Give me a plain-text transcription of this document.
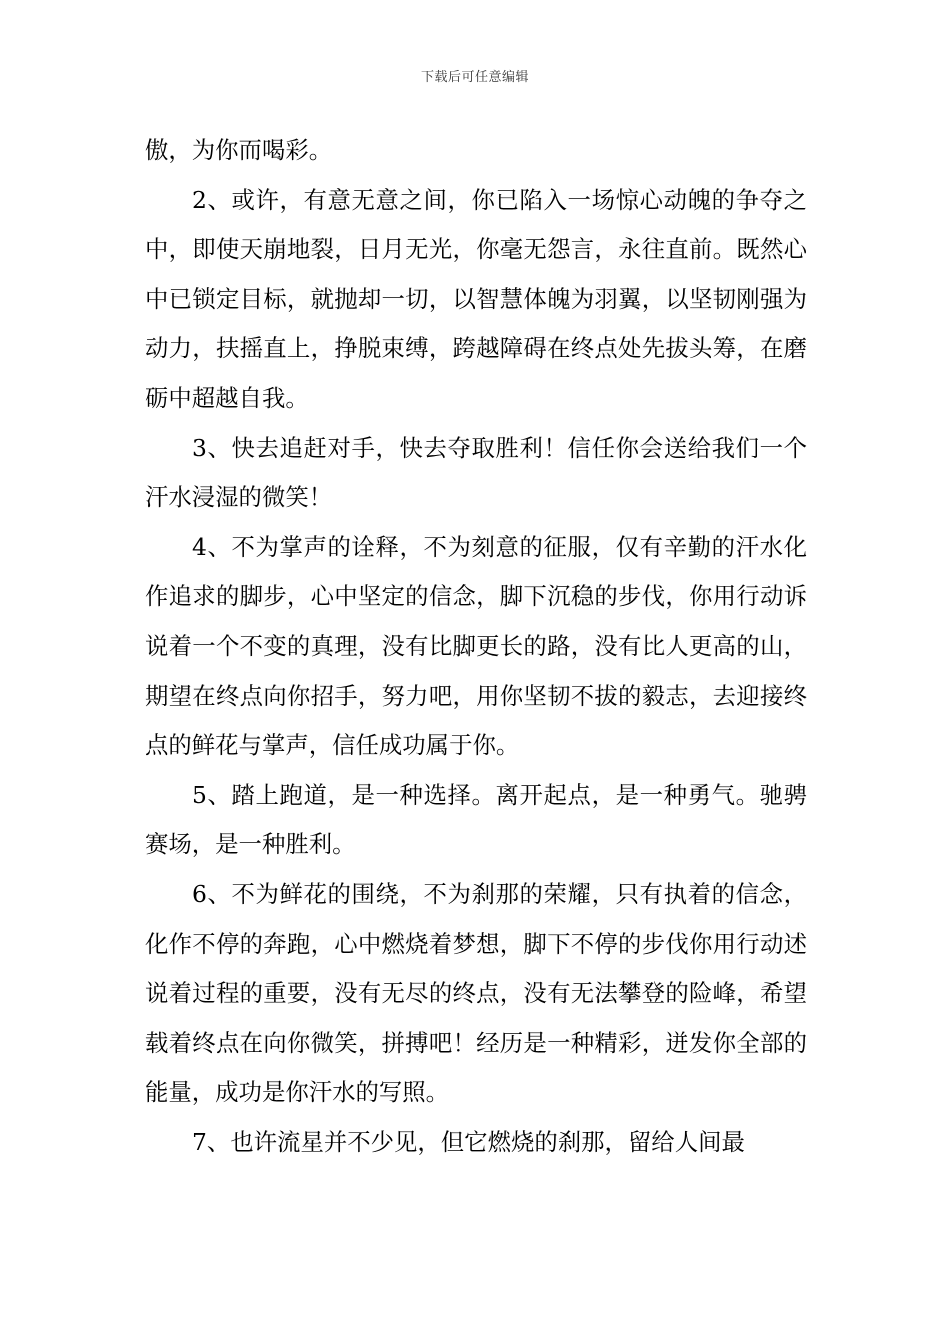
下载后可任意编辑

傲，为你而喝彩。

2、或许，有意无意之间，你已陷入一场惊心动魄的争夺之中，即使天崩地裂，日月无光，你毫无怨言，永往直前。既然心中已锁定目标，就抛却一切，以智慧体魄为羽翼，以坚韧刚强为动力，扶摇直上，挣脱束缚，跨越障碍在终点处先拔头筹，在磨砺中超越自我。

3、快去追赶对手，快去夺取胜利！信任你会送给我们一个汗水浸湿的微笑！

4、不为掌声的诠释，不为刻意的征服，仅有辛勤的汗水化作追求的脚步，心中坚定的信念，脚下沉稳的步伐，你用行动诉说着一个不变的真理，没有比脚更长的路，没有比人更高的山，期望在终点向你招手，努力吧，用你坚韧不拔的毅志，去迎接终点的鲜花与掌声，信任成功属于你。

5、踏上跑道，是一种选择。离开起点，是一种勇气。驰骋赛场，是一种胜利。

6、不为鲜花的围绕，不为刹那的荣耀，只有执着的信念，化作不停的奔跑，心中燃烧着梦想，脚下不停的步伐你用行动述说着过程的重要，没有无尽的终点，没有无法攀登的险峰，希望载着终点在向你微笑，拼搏吧！经历是一种精彩，迸发你全部的能量，成功是你汗水的写照。

7、也许流星并不少见，但它燃烧的刹那，留给人间最
